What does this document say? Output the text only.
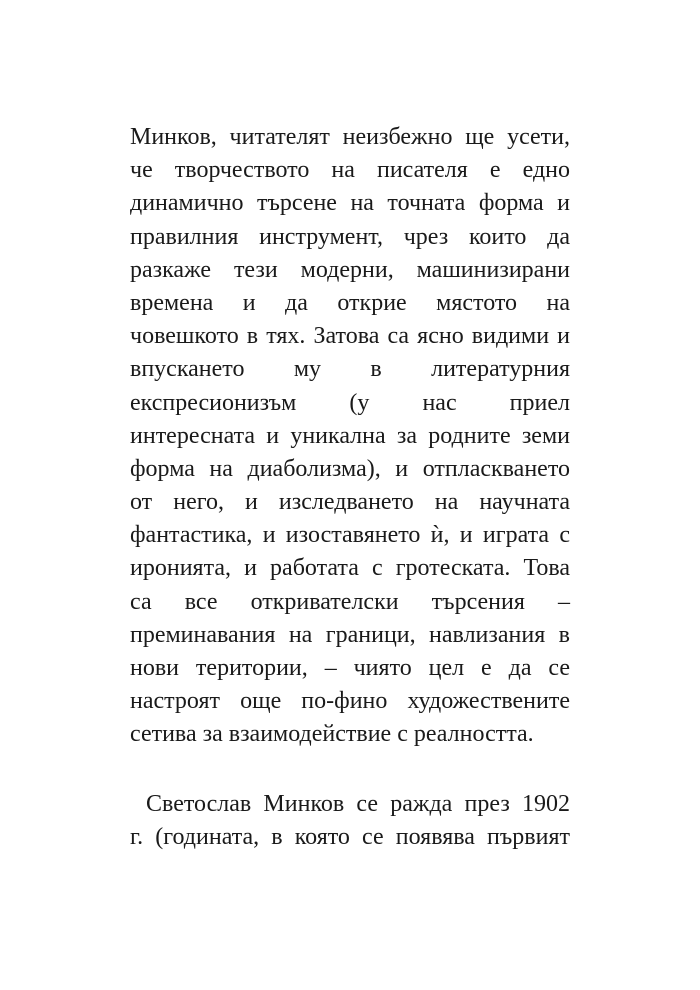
Минков, читателят неизбежно ще усети,
че творчеството на писателя е едно
динамично търсене на точната форма и
правилния инструмент, чрез които да
разкаже тези модерни, машинизирани
времена и да открие мястото на
човешкото в тях. Затова са ясно видими и
впускането му в литературния
експресионизъм (у нас приел
интересната и уникална за родните земи
форма на диаболизма), и отпласкването
от него, и изследването на научната
фантастика, и изоставянето ѝ, и играта с
иронията, и работата с гротеската. Това
са все откривателски търсения –
преминавания на граници, навлизания в
нови територии, – чиято цел е да се
настроят още по-фино художествените
сетива за взаимодействие с реалността.
Светослав Минков се ражда през 1902
г. (годината, в която се появява първият
